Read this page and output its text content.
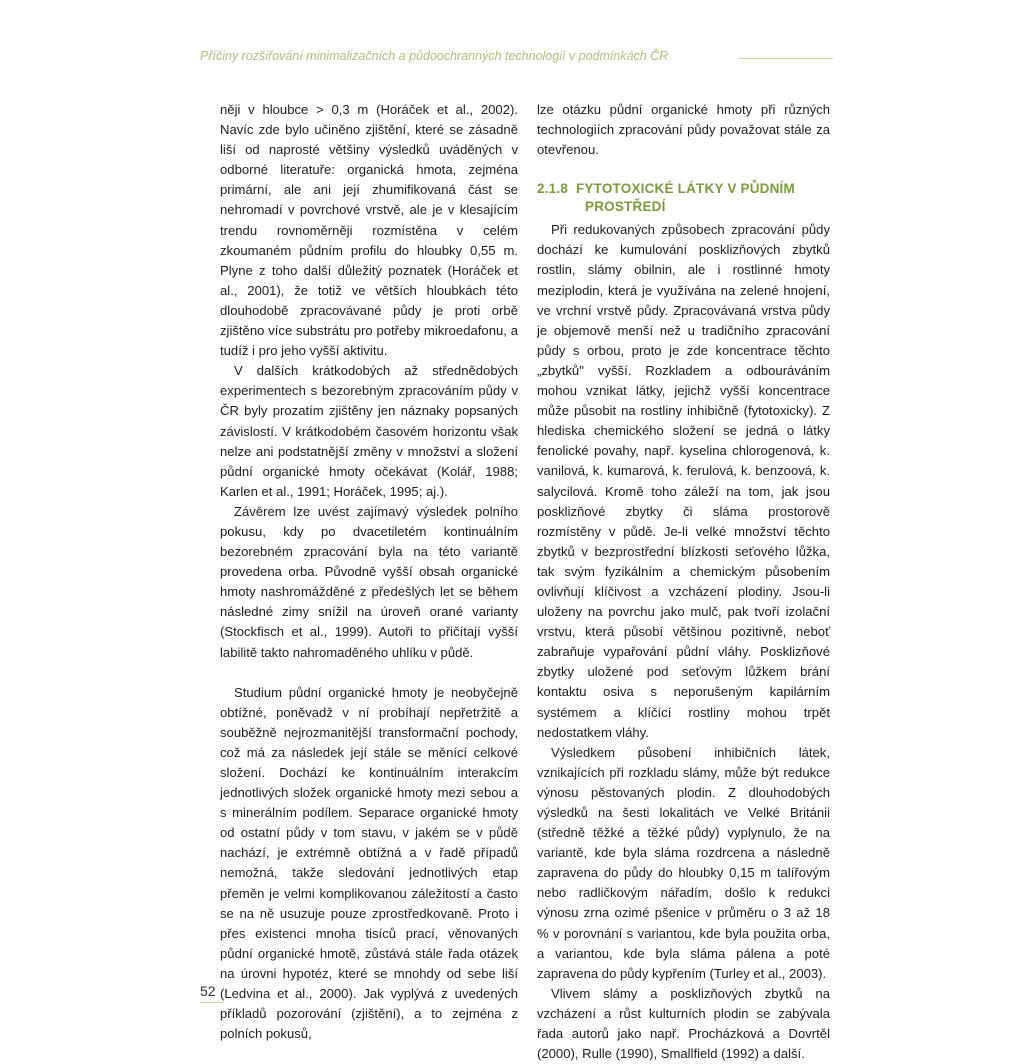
Příčiny rozšiřování minimalizačních a půdoochranných technologií v podmínkách ČR

něji v hloubce > 0,3 m (Horáček et al., 2002). Navíc zde bylo učiněno zjištění, které se zásadně liší od naprosté většiny výsledků uváděných v odborné literatuře: organická hmota, zejména primární, ale ani její zhumifikovaná část se nehromadí v povrchové vrstvě, ale je v klesajícím trendu rovnoměrněji rozmístěna v celém zkoumaném půdním profilu do hloubky 0,55 m. Plyne z toho další důležitý poznatek (Horáček et al., 2001), že totiž ve větších hloubkách této dlouhodobě zpracovávané půdy je proti orbě zjištěno více substrátu pro potřeby mikroedafonu, a tudíž i pro jeho vyšší aktivitu.

V dalších krátkodobých až střednědobých experimentech s bezorebným zpracováním půdy v ČR byly prozatím zjištěny jen náznaky popsaných závislostí. V krátkodobém časovém horizontu však nelze ani podstatnější změny v množství a složení půdní organické hmoty očekávat (Kolář, 1988; Karlen et al., 1991; Horáček, 1995; aj.).

Závěrem lze uvést zajímavý výsledek polního pokusu, kdy po dvacetiletém kontinuálním bezorebném zpracování byla na této variantě provedena orba. Původně vyšší obsah organické hmoty nashromážděné z předešlých let se během následné zimy snížil na úroveň orané varianty (Stockfisch et al., 1999). Autoři to přičítají vyšší labilitě takto nahromaděného uhlíku v půdě.

Studium půdní organické hmoty je neobyčejně obtížné, poněvadž v ní probíhají nepřetržitě a souběžně nejrozmanitější transformační pochody, což má za následek její stále se měnící celkové složení. Dochází ke kontinuálním interakcím jednotlivých složek organické hmoty mezi sebou a s minerálním podílem. Separace organické hmoty od ostatní půdy v tom stavu, v jakém se v půdě nachází, je extrémně obtížná a v řadě případů nemožná, takže sledování jednotlivých etap přeměn je velmi komplikovanou záležitostí a často se na ně usuzuje pouze zprostředkovaně. Proto i přes existenci mnoha tisíců prací, věnovaných půdní organické hmotě, zůstává stále řada otázek na úrovni hypotéz, které se mnohdy od sebe liší (Ledvina et al., 2000). Jak vyplývá z uvedených příkladů pozorování (zjištění), a to zejména z polních pokusů,

lze otázku půdní organické hmoty při různých technologiích zpracování půdy považovat stále za otevřenou.

2.1.8 FYTOTOXICKÉ LÁTKY V PŮDNÍM
PROSTŘEDÍ

Při redukovaných způsobech zpracování půdy dochází ke kumulování posklizňových zbytků rostlin, slámy obilnin, ale i rostlinné hmoty meziplodin, která je využívána na zelené hnojení, ve vrchní vrstvě půdy. Zpracovávaná vrstva půdy je objemově menší než u tradičního zpracování půdy s orbou, proto je zde koncentrace těchto „zbytků" vyšší. Rozkladem a odbouráváním mohou vznikat látky, jejichž vyšší koncentrace může působit na rostliny inhibičně (fytotoxicky). Z hlediska chemického složení se jedná o látky fenolické povahy, např. kyselina chlorogenová, k. vanilová, k. kumarová, k. ferulová, k. benzoová, k. salycilová. Kromě toho záleží na tom, jak jsou posklizňové zbytky či sláma prostorově rozmístěny v půdě. Je-li velké množství těchto zbytků v bezprostřední blízkosti seťového lůžka, tak svým fyzikálním a chemickým působením ovlivňují klíčivost a vzcházení plodiny. Jsou-li uloženy na povrchu jako mulč, pak tvoří izolační vrstvu, která působí většinou pozitivně, neboť zabraňuje vypařování půdní vláhy. Posklizňové zbytky uložené pod seťovým lůžkem brání kontaktu osiva s neporušeným kapilárním systémem a klíčící rostliny mohou trpět nedostatkem vláhy.

Výsledkem působení inhibičních látek, vznikajících při rozkladu slámy, může být redukce výnosu pěstovaných plodin. Z dlouhodobých výsledků na šesti lokalitách ve Velké Británii (středně těžké a těžké půdy) vyplynulo, že na variantě, kde byla sláma rozdrcena a následně zapravena do půdy do hloubky 0,15 m talířovým nebo radličkovým nářadím, došlo k redukci výnosu zrna ozimé pšenice v průměru o 3 až 18 % v porovnání s variantou, kde byla použita orba, a variantou, kde byla sláma pálena a poté zapravena do půdy kypřením (Turley et al., 2003).

Vlivem slámy a posklizňových zbytků na vzcházení a růst kulturních plodin se zabývala řada autorů jako např. Procházková a Dovrtěl (2000), Rulle (1990), Smallfield (1992) a další.

52
